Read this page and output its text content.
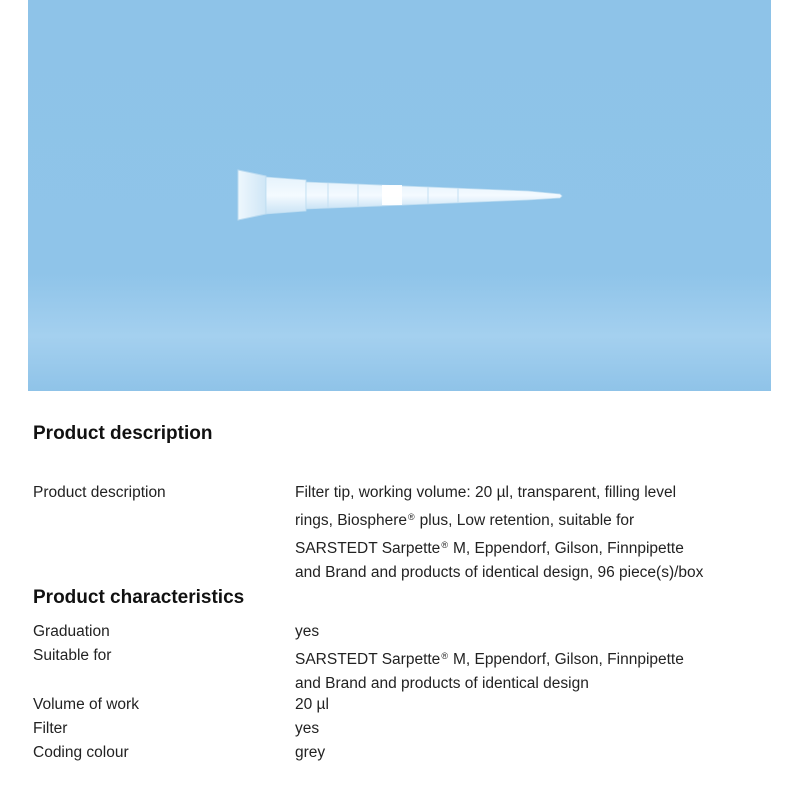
Product description
Product description	Filter tip, working volume: 20 µl, transparent, filling level
rings, Biosphere® plus, Low retention, suitable for
SARSTEDT Sarpette® M, Eppendorf, Gilson, Finnpipette
and Brand and products of identical design, 96 piece(s)/box
Product characteristics
Graduation	yes
Suitable for	SARSTEDT Sarpette® M, Eppendorf, Gilson, Finnpipette
and Brand and products of identical design
Volume of work	20 µl
Filter	yes
Coding colour	grey
